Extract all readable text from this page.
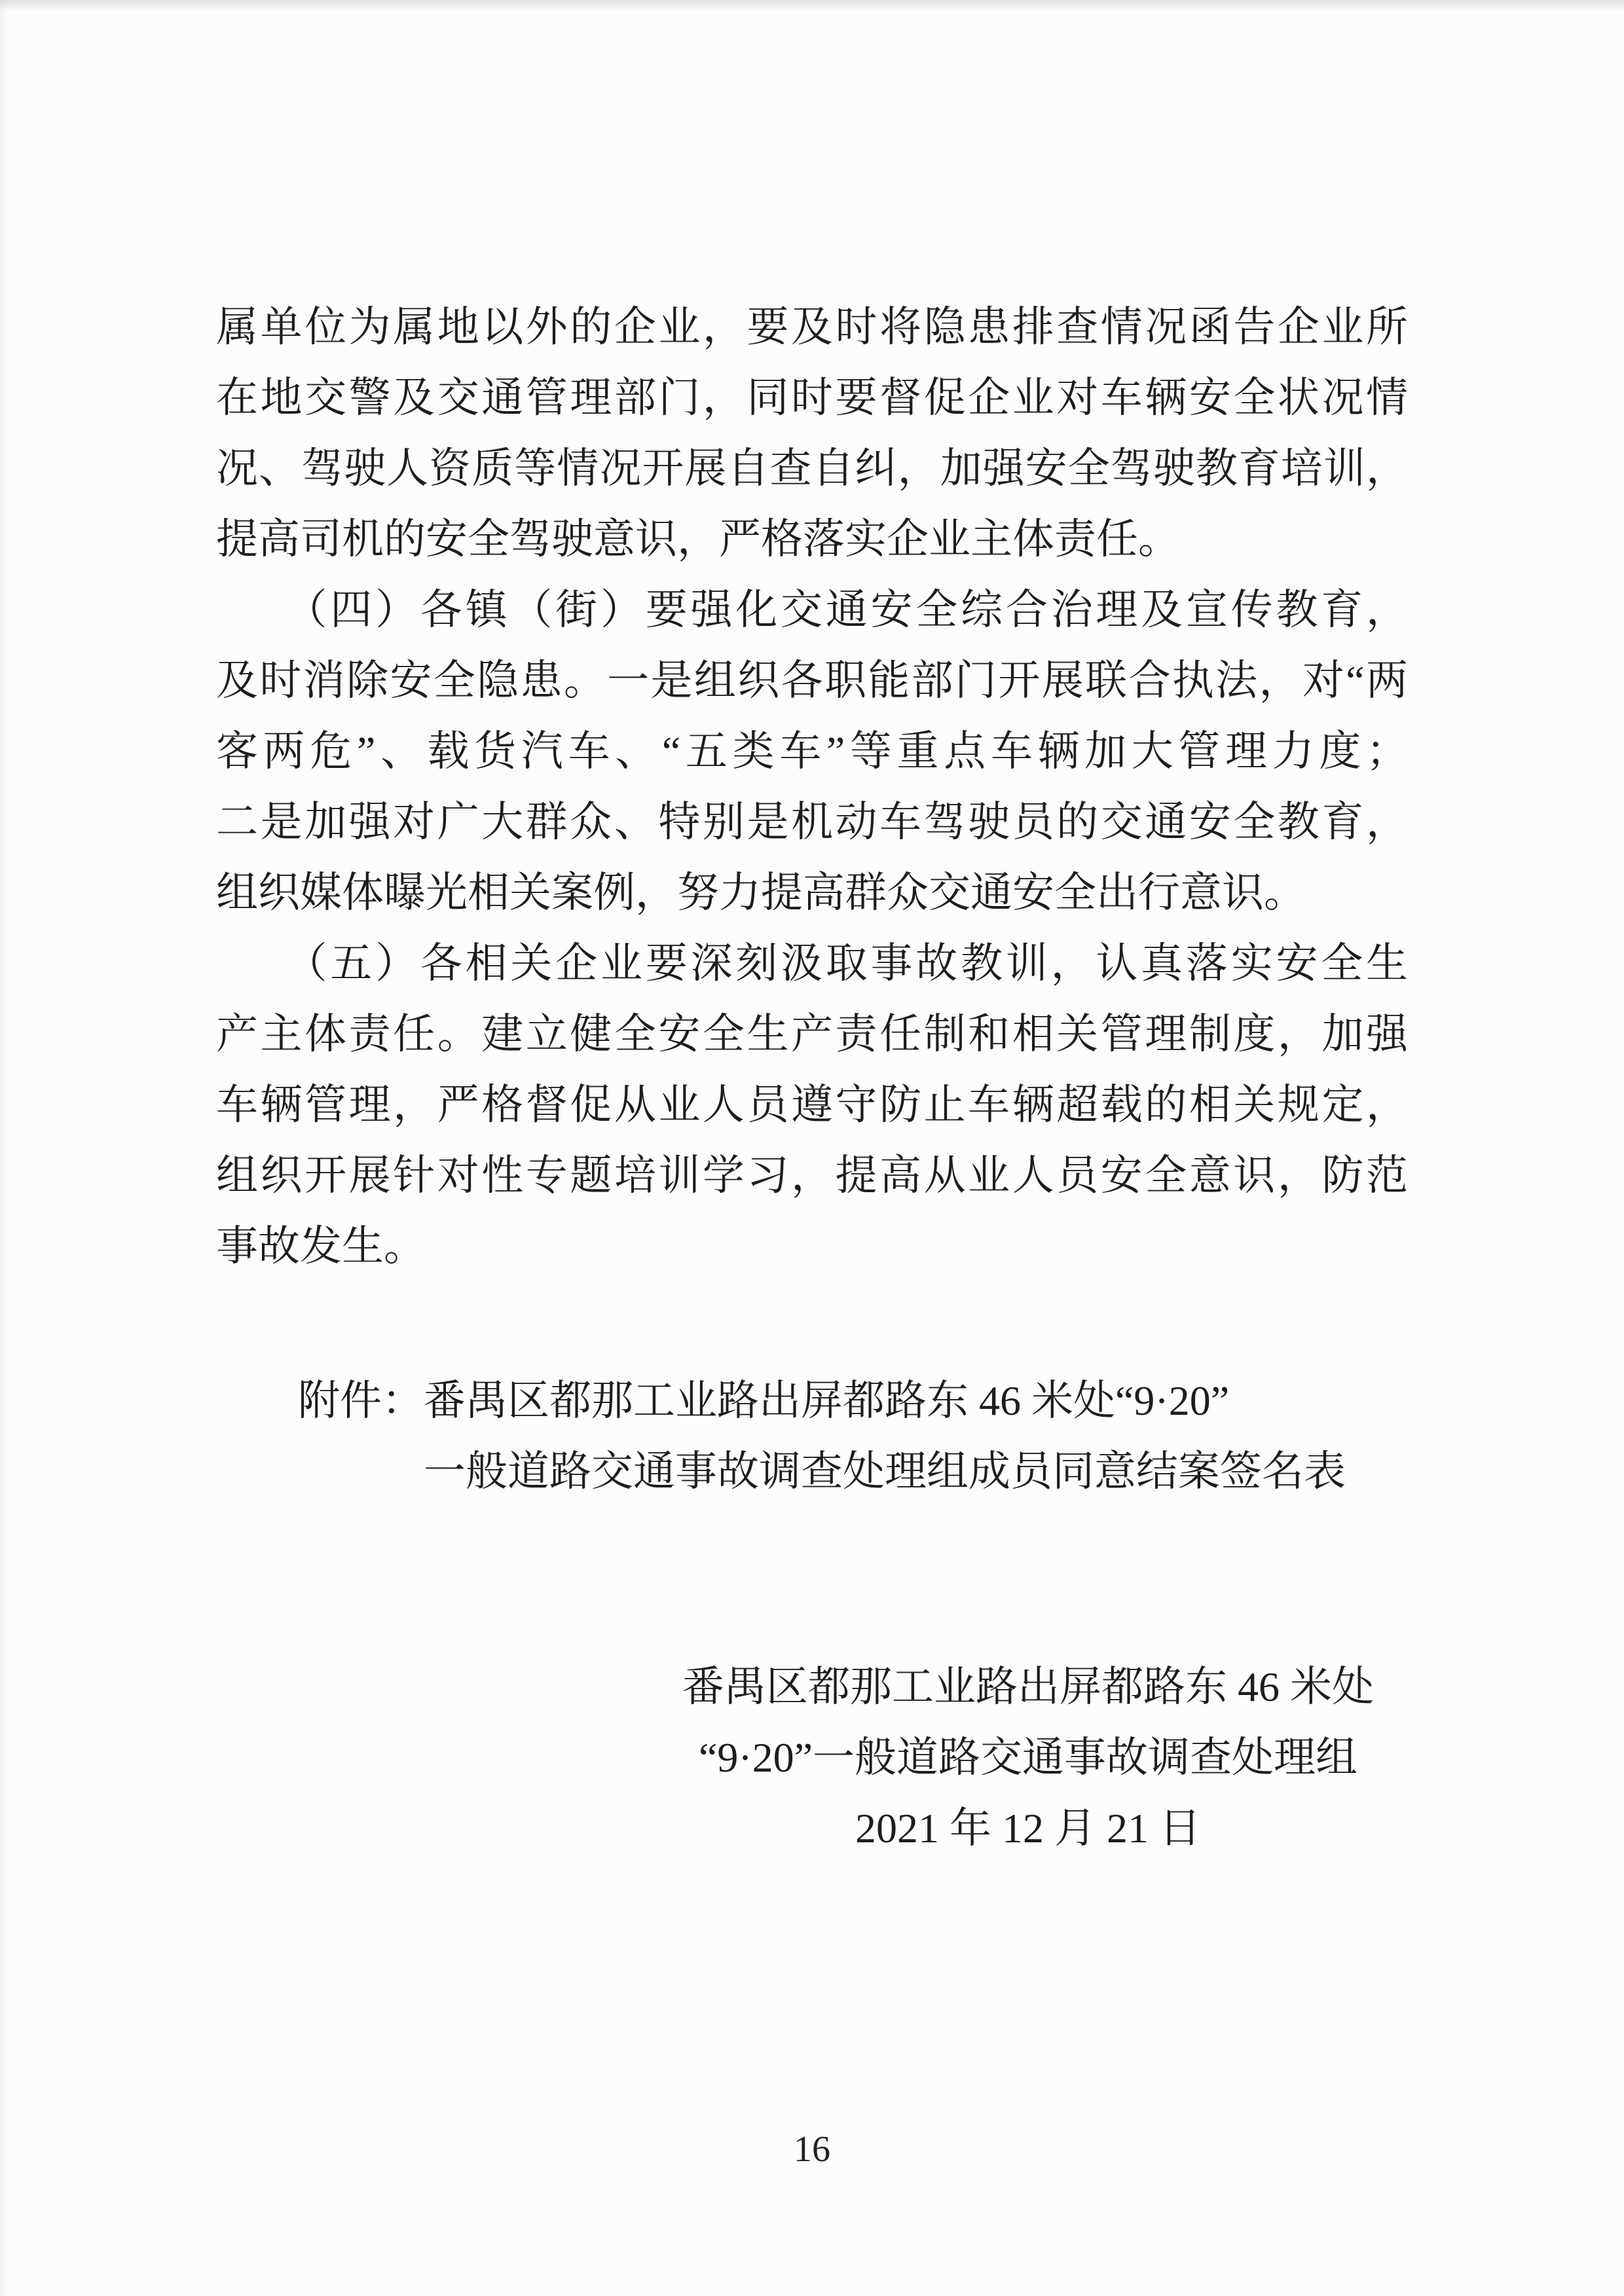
属单位为属地以外的企业，要及时将隐患排查情况函告企业所
在地交警及交通管理部门，同时要督促企业对车辆安全状况情
况、驾驶人资质等情况开展自查自纠，加强安全驾驶教育培训，
提高司机的安全驾驶意识，严格落实企业主体责任。
　　（四）各镇（街）要强化交通安全综合治理及宣传教育，
及时消除安全隐患。一是组织各职能部门开展联合执法，对“两
客两危”、载货汽车、“五类车”等重点车辆加大管理力度；
二是加强对广大群众、特别是机动车驾驶员的交通安全教育，
组织媒体曝光相关案例，努力提高群众交通安全出行意识。
　　（五）各相关企业要深刻汲取事故教训，认真落实安全生
产主体责任。建立健全安全生产责任制和相关管理制度，加强
车辆管理，严格督促从业人员遵守防止车辆超载的相关规定，
组织开展针对性专题培训学习，提高从业人员安全意识，防范
事故发生。
附件：番禺区都那工业路出屏都路东 46 米处“9·20”
一般道路交通事故调查处理组成员同意结案签名表
番禺区都那工业路出屏都路东 46 米处
“9·20”一般道路交通事故调查处理组
2021 年 12 月 21 日
16
